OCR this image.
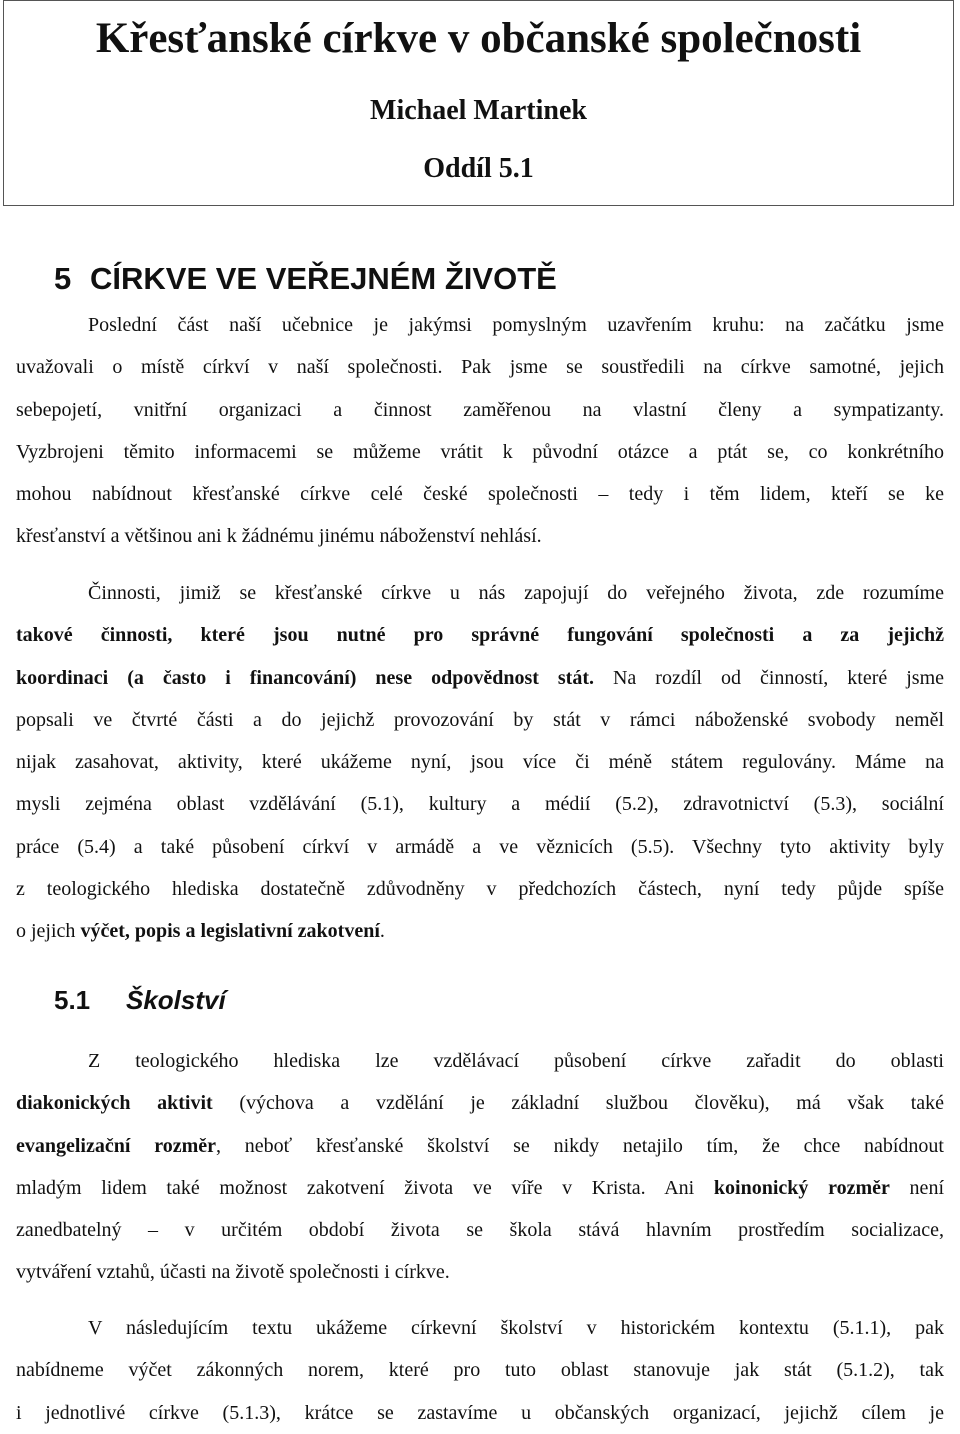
Křesťanské církve v občanské společnosti
Michael Martinek
Oddíl 5.1
5 CÍRKVE VE VEŘEJNÉM ŽIVOTĚ
Poslední část naší učebnice je jakýmsi pomyslným uzavřením kruhu: na začátku jsme
uvažovali o místě církví v naší společnosti. Pak jsme se soustředili na církve samotné, jejich
sebepojetí, vnitřní organizaci a činnost zaměřenou na vlastní členy a sympatizanty.
Vyzbrojeni těmito informacemi se můžeme vrátit k původní otázce a ptát se, co konkrétního
mohou nabídnout křesťanské církve celé české společnosti – tedy i těm lidem, kteří se ke
křesťanství a většinou ani k žádnému jinému náboženství nehlásí.
Činnosti, jimiž se křesťanské církve u nás zapojují do veřejného života, zde rozumíme
takové činnosti, které jsou nutné pro správné fungování společnosti a za jejichž
koordinaci (a často i financování) nese odpovědnost stát. Na rozdíl od činností, které jsme
popsali ve čtvrté části a do jejichž provozování by stát v rámci náboženské svobody neměl
nijak zasahovat, aktivity, které ukážeme nyní, jsou více či méně státem regulovány. Máme na
mysli zejména oblast vzdělávání (5.1), kultury a médií (5.2), zdravotnictví (5.3), sociální
práce (5.4) a také působení církví v armádě a ve věznicích (5.5). Všechny tyto aktivity byly
z teologického hlediska dostatečně zdůvodněny v předchozích částech, nyní tedy půjde spíše
o jejich výčet, popis a legislativní zakotvení.
5.1 Školství
Z teologického hlediska lze vzdělávací působení církve zařadit do oblasti
diakonických aktivit (výchova a vzdělání je základní službou člověku), má však také
evangelizační rozměr, neboť křesťanské školství se nikdy netajilo tím, že chce nabídnout
mladým lidem také možnost zakotvení života ve víře v Krista. Ani koinonický rozměr není
zanedbatelný – v určitém období života se škola stává hlavním prostředím socializace,
vytváření vztahů, účasti na životě společnosti i církve.
V následujícím textu ukážeme církevní školství v historickém kontextu (5.1.1), pak
nabídneme výčet zákonných norem, které pro tuto oblast stanovuje jak stát (5.1.2), tak
i jednotlivé církve (5.1.3), krátce se zastavíme u občanských organizací, jejichž cílem je
